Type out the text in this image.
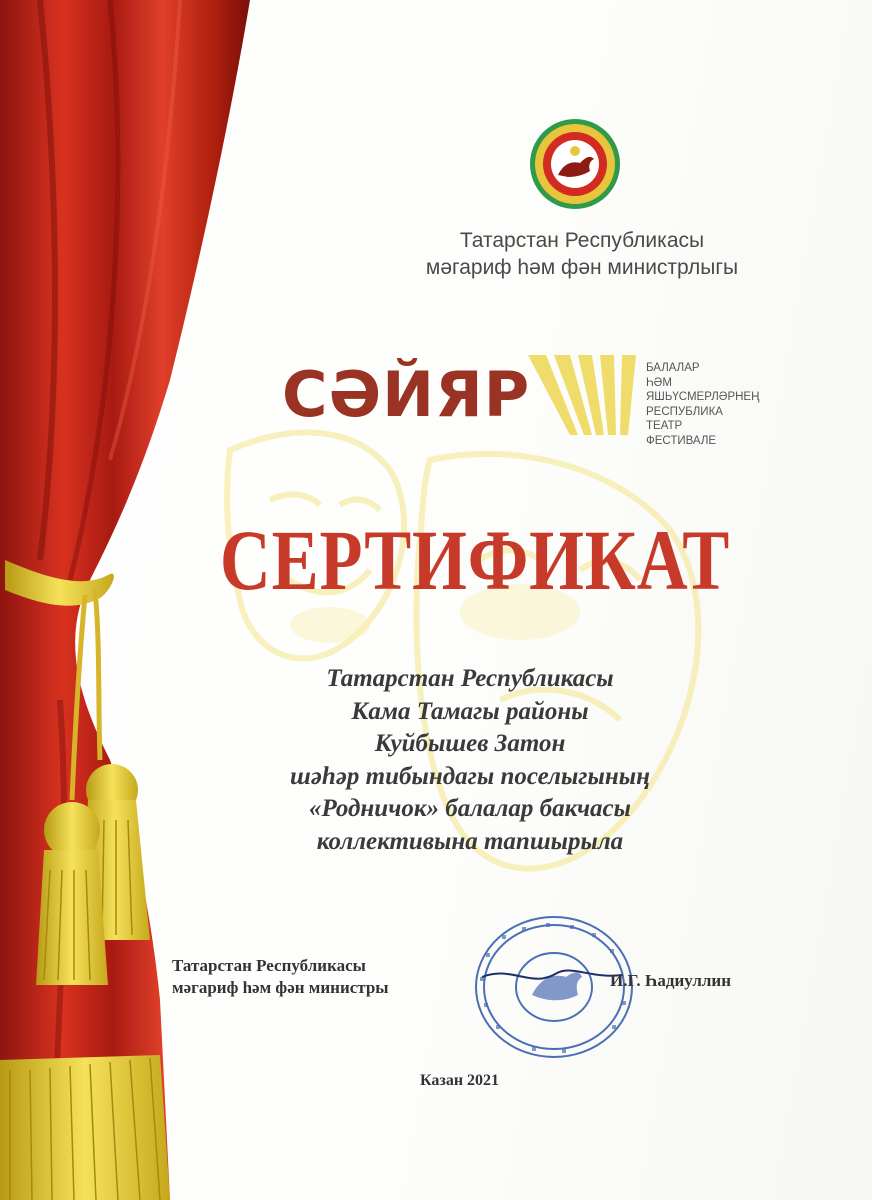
Татарстан Республикасы
мәгариф һәм фән министрлыгы
СӘЙЯР	БАЛАЛАР
ҺӘМ
ЯШЬҮСМЕРЛӘРНЕҢ
РЕСПУБЛИКА
ТЕАТР
ФЕСТИВАЛЕ
СЕРТИФИКАТ
Татарстан Республикасы
Кама Тамагы районы
Куйбышев Затон
шәһәр тибындагы поселыгының
«Родничок» балалар бакчасы
коллективына тапшырыла
Татарстан Республикасы
мәгариф һәм фән министры	И.Г. Һадиуллин
Казан 2021
